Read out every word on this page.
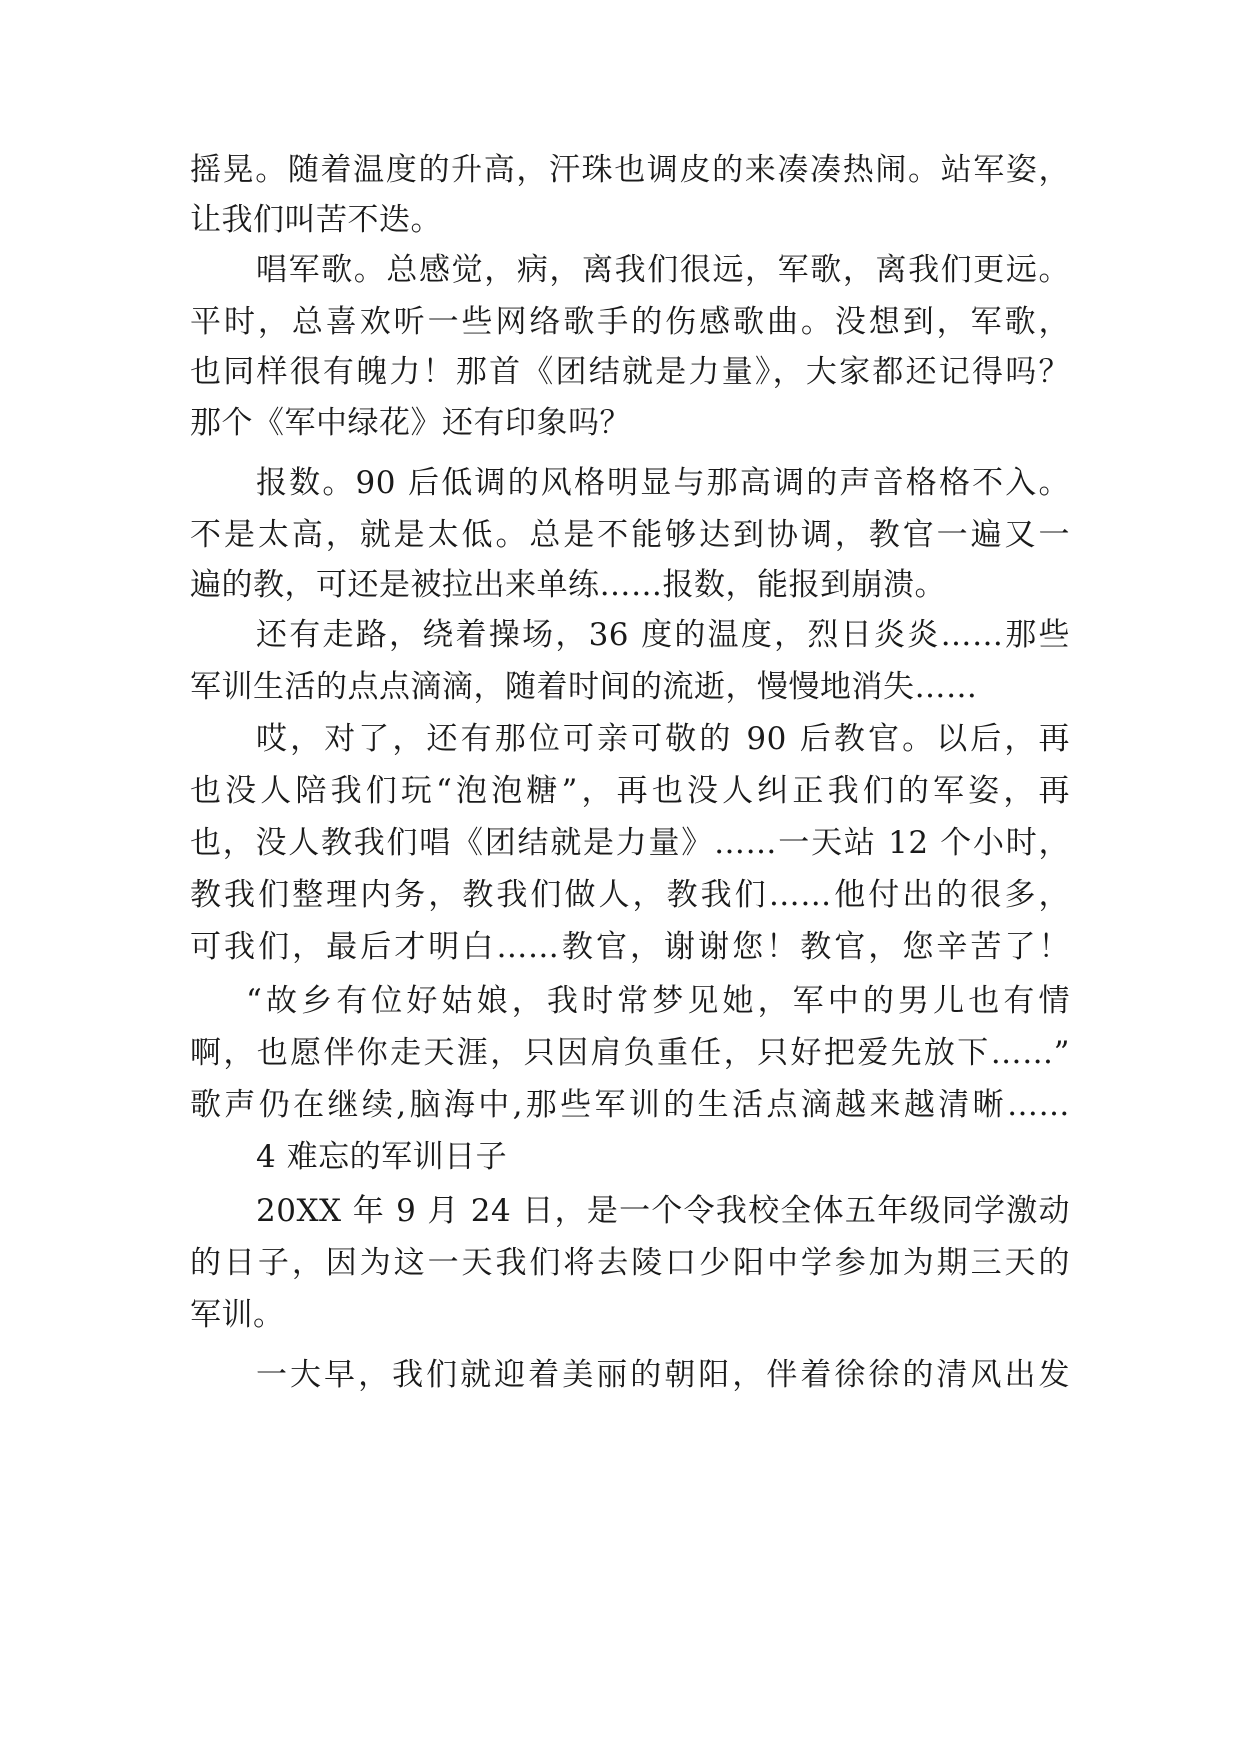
摇晃。随着温度的升高，汗珠也调皮的来凑凑热闹。站军姿，
让我们叫苦不迭。
唱军歌。总感觉，病，离我们很远，军歌，离我们更远。
平时，总喜欢听一些网络歌手的伤感歌曲。没想到，军歌，
也同样很有魄力！那首《团结就是力量》，大家都还记得吗？
那个《军中绿花》还有印象吗？
报数。90 后低调的风格明显与那高调的声音格格不入。
不是太高，就是太低。总是不能够达到协调，教官一遍又一
遍的教，可还是被拉出来单练……报数，能报到崩溃。
还有走路，绕着操场，36 度的温度，烈日炎炎……那些
军训生活的点点滴滴，随着时间的流逝，慢慢地消失……
哎，对了，还有那位可亲可敬的 90 后教官。以后，再
也没人陪我们玩“泡泡糖”，再也没人纠正我们的军姿，再
也，没人教我们唱《团结就是力量》……一天站 12 个小时，
教我们整理内务，教我们做人，教我们……他付出的很多，
可我们，最后才明白……教官，谢谢您！教官，您辛苦了！
“故乡有位好姑娘，我时常梦见她，军中的男儿也有情
啊，也愿伴你走天涯，只因肩负重任，只好把爱先放下……”
歌声仍在继续,脑海中,那些军训的生活点滴越来越清晰……
4 难忘的军训日子
20XX 年 9 月 24 日，是一个令我校全体五年级同学激动
的日子，因为这一天我们将去陵口少阳中学参加为期三天的
军训。
一大早，我们就迎着美丽的朝阳，伴着徐徐的清风出发
